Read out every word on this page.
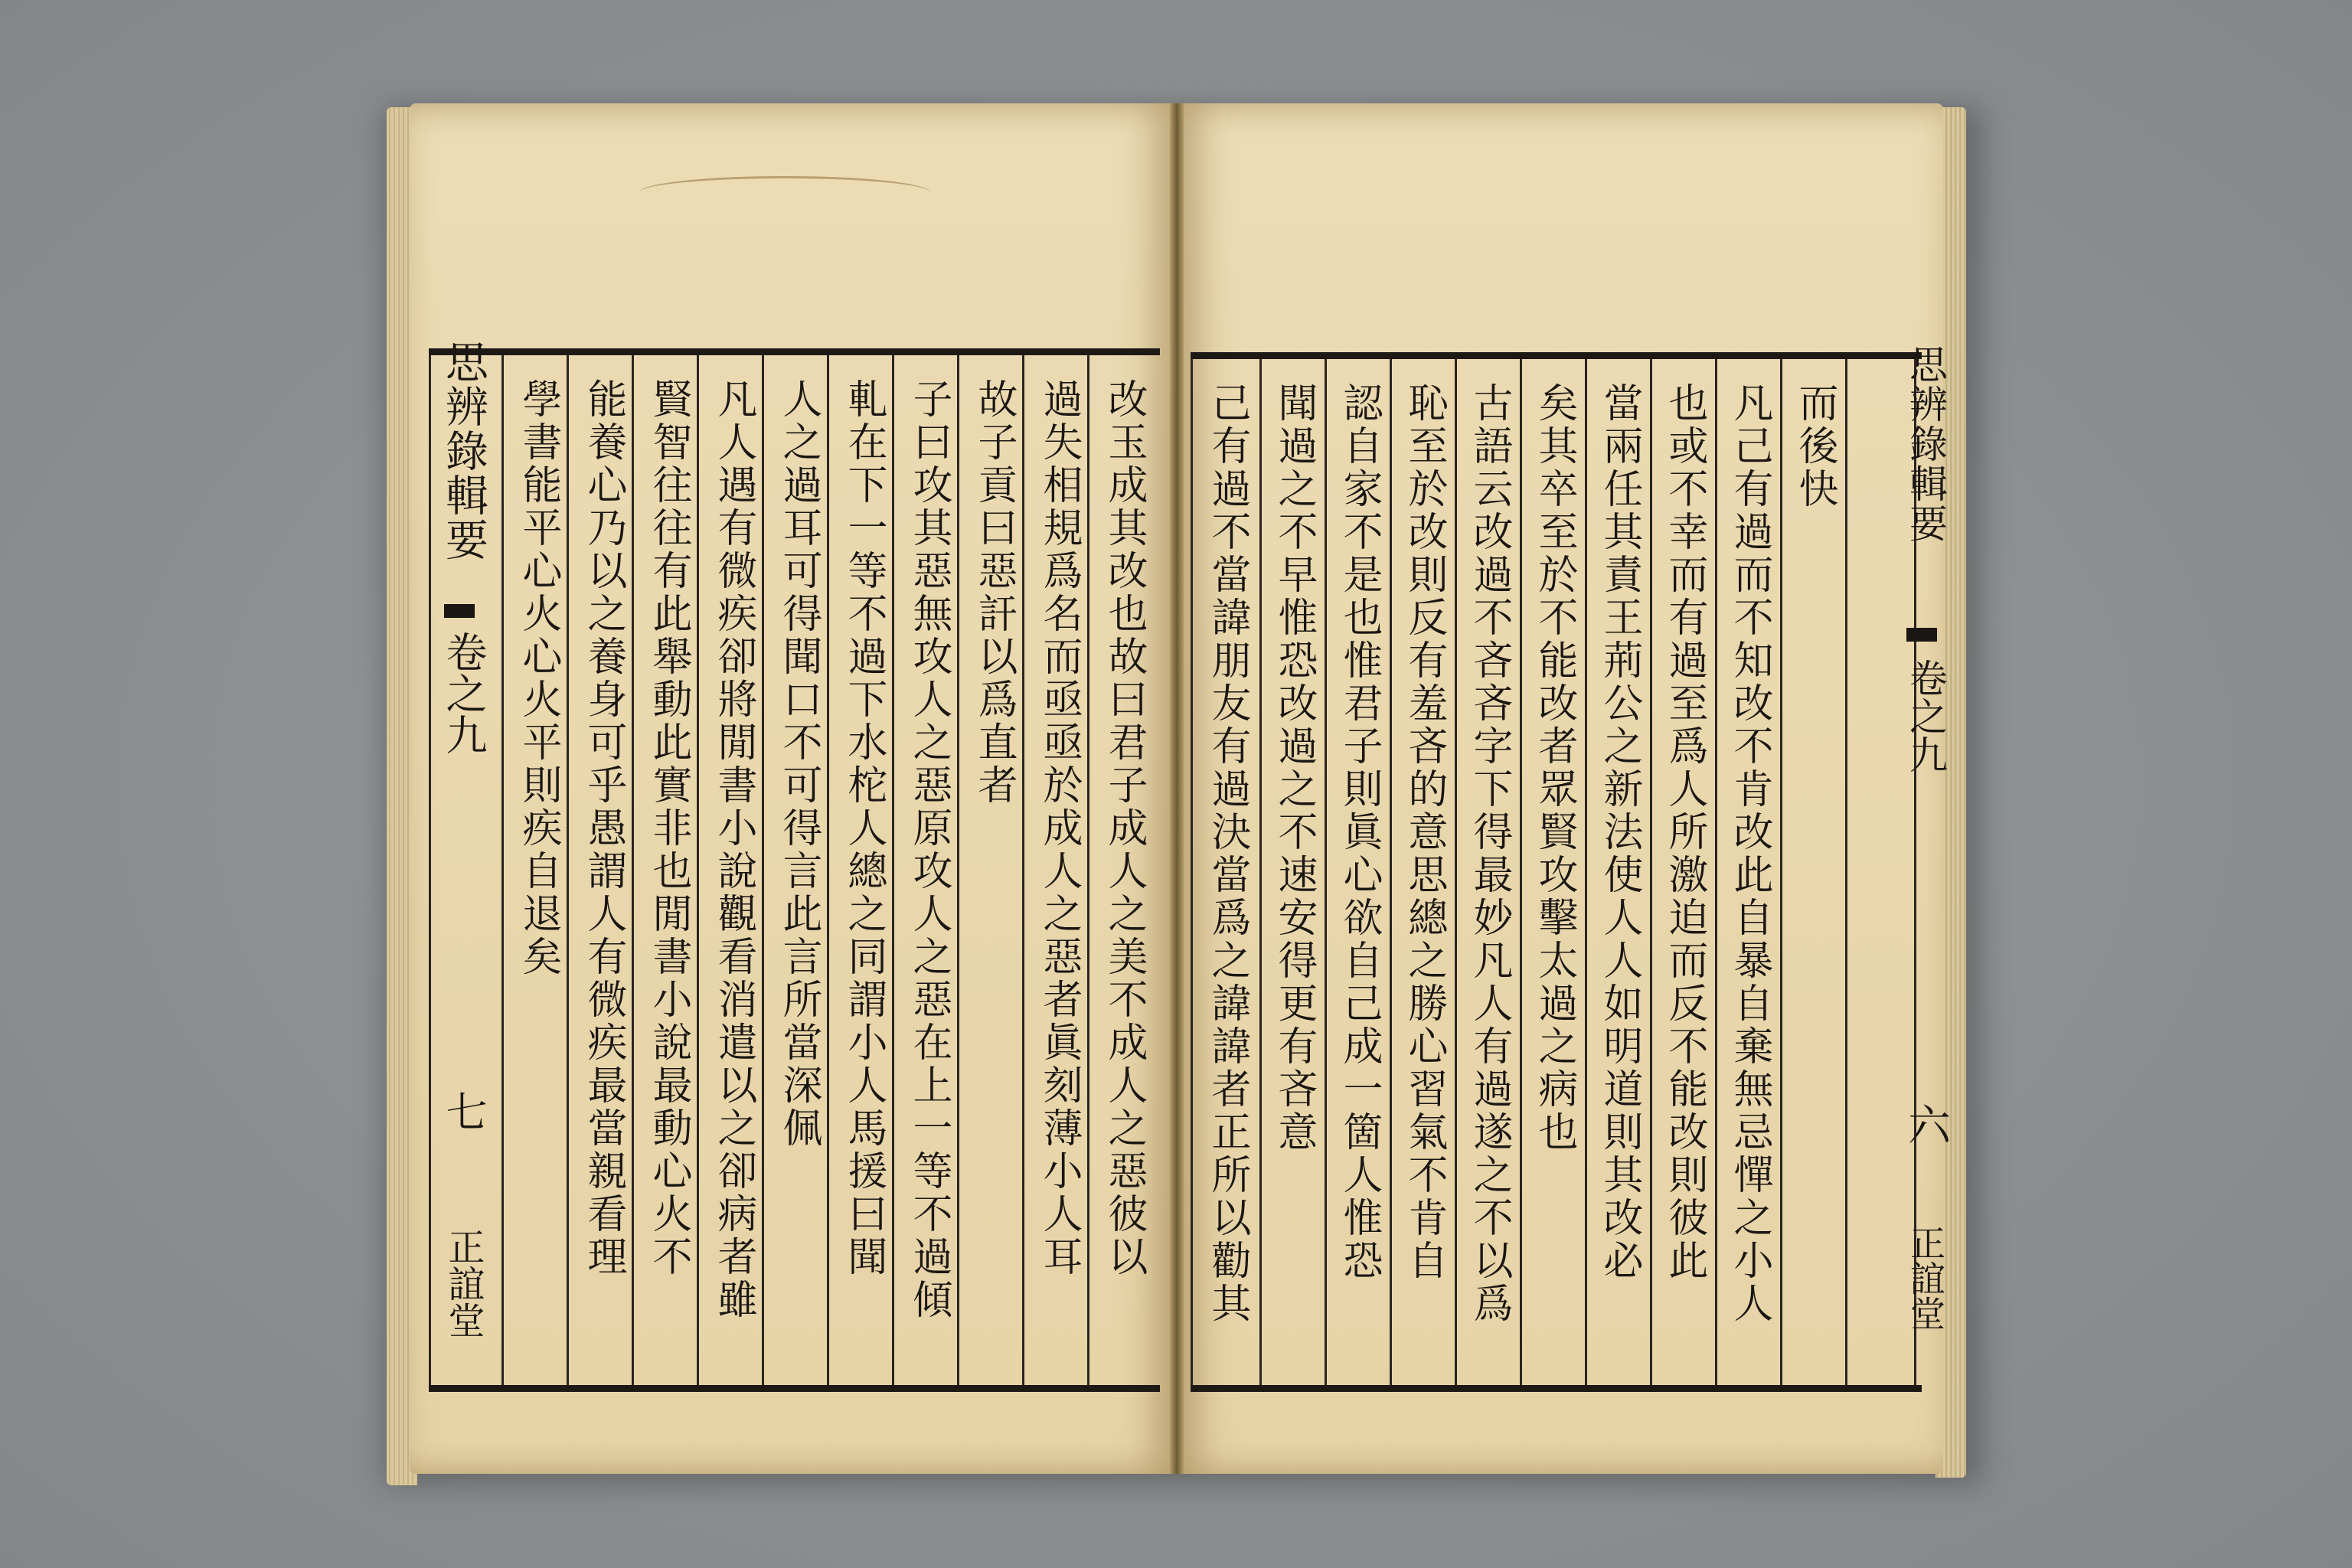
思辨錄輯要
卷之九
七
正誼堂
改玉成其改也故曰君子成人之美不成人之惡彼以
過失相規爲名而亟亟於成人之惡者眞刻薄小人耳
故子貢曰惡訐以爲直者
子曰攻其惡無攻人之惡原攻人之惡在上一等不過傾
軋在下一等不過下水柁人總之同謂小人馬援曰聞
人之過耳可得聞口不可得言此言所當深佩
凡人遇有微疾卻將閒書小說觀看消遣以之卻病者雖
賢智往往有此舉動此實非也閒書小說最動心火不
能養心乃以之養身可乎愚謂人有微疾最當親看理
學書能平心火心火平則疾自退矣	而後快
凡己有過而不知改不肯改此自暴自棄無忌憚之小人
也或不幸而有過至爲人所激迫而反不能改則彼此
當兩任其責王荊公之新法使人人如明道則其改必
矣其卒至於不能改者眾賢攻擊太過之病也
古語云改過不吝吝字下得最妙凡人有過遂之不以爲
恥至於改則反有羞吝的意思總之勝心習氣不肯自
認自家不是也惟君子則眞心欲自己成一箇人惟恐
聞過之不早惟恐改過之不速安得更有吝意
己有過不當諱朋友有過決當爲之諱諱者正所以勸其	思辨錄輯要
卷之九
六
正誼堂
